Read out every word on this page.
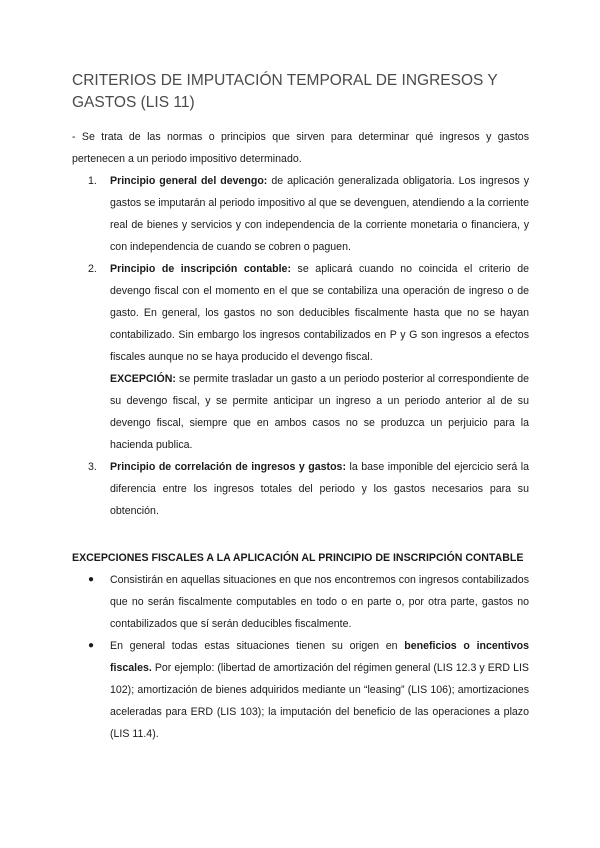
CRITERIOS DE IMPUTACIÓN TEMPORAL DE INGRESOS Y GASTOS (LIS 11)

- Se trata de las normas o principios que sirven para determinar qué ingresos y gastos pertenecen a un periodo impositivo determinado.

1. Principio general del devengo: de aplicación generalizada obligatoria. Los ingresos y gastos se imputarán al periodo impositivo al que se devenguen, atendiendo a la corriente real de bienes y servicios y con independencia de la corriente monetaria o financiera, y con independencia de cuando se cobren o paguen.

2. Principio de inscripción contable: se aplicará cuando no coincida el criterio de devengo fiscal con el momento en el que se contabiliza una operación de ingreso o de gasto. En general, los gastos no son deducibles fiscalmente hasta que no se hayan contabilizado. Sin embargo los ingresos contabilizados en P y G son ingresos a efectos fiscales aunque no se haya producido el devengo fiscal.

EXCEPCIÓN: se permite trasladar un gasto a un periodo posterior al correspondiente de su devengo fiscal, y se permite anticipar un ingreso a un periodo anterior al de su devengo fiscal, siempre que en ambos casos no se produzca un perjuicio para la hacienda publica.

3. Principio de correlación de ingresos y gastos: la base imponible del ejercicio será la diferencia entre los ingresos totales del periodo y los gastos necesarios para su obtención.

EXCEPCIONES FISCALES A LA APLICACIÓN AL PRINCIPIO DE INSCRIPCIÓN CONTABLE

● Consistirán en aquellas situaciones en que nos encontremos con ingresos contabilizados que no serán fiscalmente computables en todo o en parte o, por otra parte, gastos no contabilizados que sí serán deducibles fiscalmente.

● En general todas estas situaciones tienen su origen en beneficios o incentivos fiscales. Por ejemplo: (libertad de amortización del régimen general (LIS 12.3 y ERD LIS 102); amortización de bienes adquiridos mediante un “leasing” (LIS 106); amortizaciones aceleradas para ERD (LIS 103); la imputación del beneficio de las operaciones a plazo (LIS 11.4).
